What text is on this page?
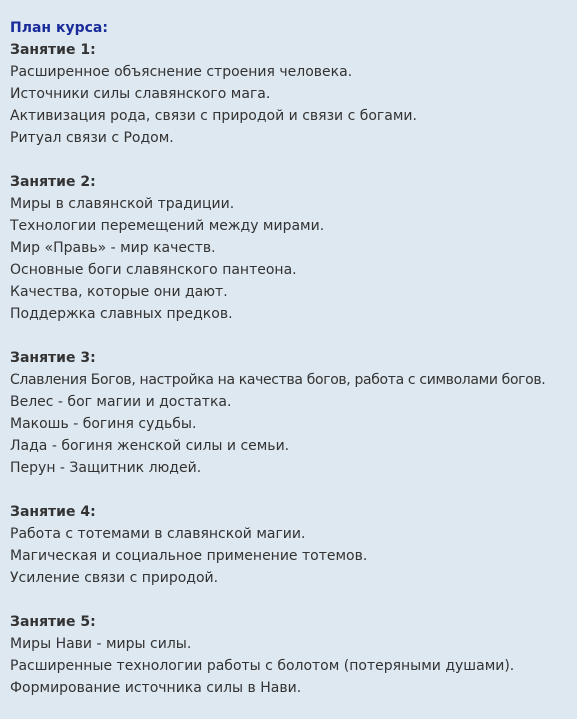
План курса:
Занятие 1:
Расширенное объяснение строения человека.
Источники силы славянского мага.
Активизация рода, связи с природой и связи с богами.
Ритуал связи с Родом.
Занятие 2:
Миры в славянской традиции.
Технологии перемещений между мирами.
Мир «Правь» - мир качеств.
Основные боги славянского пантеона.
Качества, которые они дают.
Поддержка славных предков.
Занятие 3:
Славления Богов, настройка на качества богов, работа с символами богов.
Велес - бог магии и достатка.
Макошь - богиня судьбы.
Лада - богиня женской силы и семьи.
Перун - Защитник людей.
Занятие 4:
Работа с тотемами в славянской магии.
Магическая и социальное применение тотемов.
Усиление связи с природой.
Занятие 5:
Миры Нави - миры силы.
Расширенные технологии работы с болотом (потеряными душами).
Формирование источника силы в Нави.
